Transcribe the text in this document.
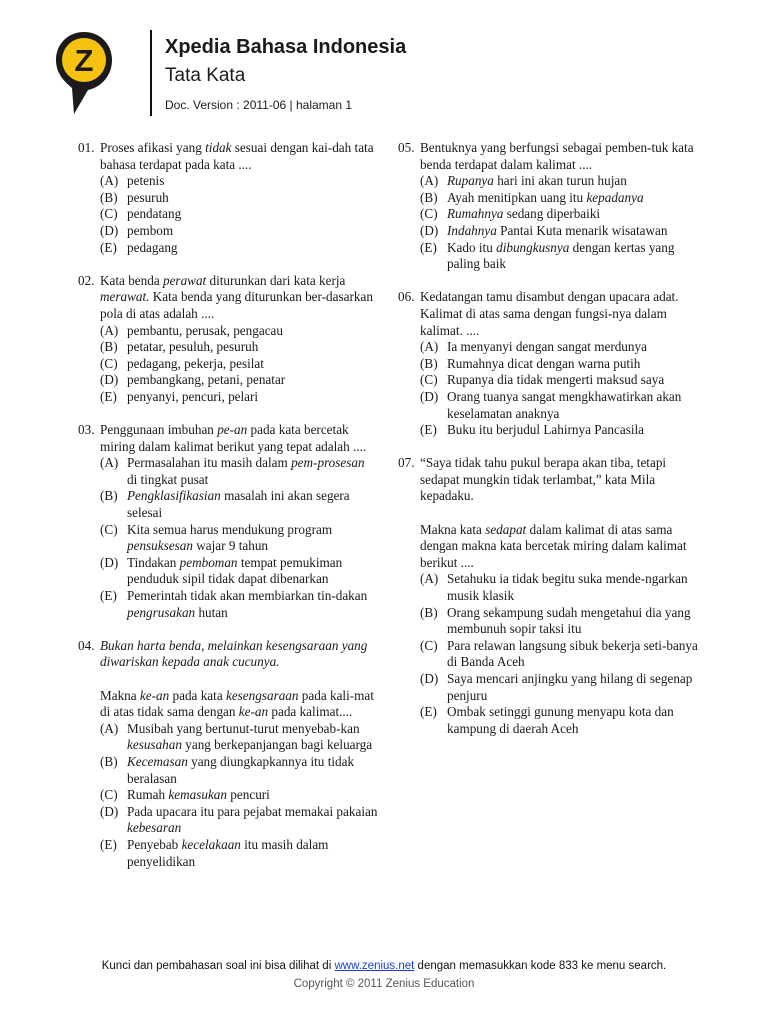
Z	Xpedia Bahasa Indonesia
Tata Kata
Doc. Version : 2011-06 | halaman 1
01. Proses afikasi yang tidak sesuai dengan kai-dah tata bahasa terdapat pada kata ....
(A) petenis
(B) pesuruh
(C) pendatang
(D) pembom
(E) pedagang
02. Kata benda perawat diturunkan dari kata kerja merawat. Kata benda yang diturunkan ber-dasarkan pola di atas adalah ....
(A) pembantu, perusak, pengacau
(B) petatar, pesuluh, pesuruh
(C) pedagang, pekerja, pesilat
(D) pembangkang, petani, penatar
(E) penyanyi, pencuri, pelari
03. Penggunaan imbuhan pe-an pada kata bercetak miring dalam kalimat berikut yang tepat adalah ....
(A) Permasalahan itu masih dalam pem-prosesan di tingkat pusat
(B) Pengklasifikasian masalah ini akan segera selesai
(C) Kita semua harus mendukung program pensuksesan wajar 9 tahun
(D) Tindakan pemboman tempat pemukiman penduduk sipil tidak dapat dibenarkan
(E) Pemerintah tidak akan membiarkan tin-dakan pengrusakan hutan
04. Bukan harta benda, melainkan kesengsaraan yang diwariskan kepada anak cucunya.
Makna ke-an pada kata kesengsaraan pada kali-mat di atas tidak sama dengan ke-an pada kalimat....
(A) Musibah yang bertunut-turut menyebab-kan kesusahan yang berkepanjangan bagi keluarga
(B) Kecemasan yang diungkapkannya itu tidak beralasan
(C) Rumah kemasukan pencuri
(D) Pada upacara itu para pejabat memakai pakaian kebesaran
(E) Penyebab kecelakaan itu masih dalam penyelidikan
05. Bentuknya yang berfungsi sebagai pemben-tuk kata benda terdapat dalam kalimat ....
(A) Rupanya hari ini akan turun hujan
(B) Ayah menitipkan uang itu kepadanya
(C) Rumahnya sedang diperbaiki
(D) Indahnya Pantai Kuta menarik wisatawan
(E) Kado itu dibungkusnya dengan kertas yang paling baik
06. Kedatangan tamu disambut dengan upacara adat. Kalimat di atas sama dengan fungsi-nya dalam kalimat. ....
(A) Ia menyanyi dengan sangat merdunya
(B) Rumahnya dicat dengan warna putih
(C) Rupanya dia tidak mengerti maksud saya
(D) Orang tuanya sangat mengkhawatirkan akan keselamatan anaknya
(E) Buku itu berjudul Lahirnya Pancasila
07. “Saya tidak tahu pukul berapa akan tiba, tetapi sedapat mungkin tidak terlambat,” kata Mila kepadaku.
Makna kata sedapat dalam kalimat di atas sama dengan makna kata bercetak miring dalam kalimat berikut ....
(A) Setahuku ia tidak begitu suka mende-ngarkan musik klasik
(B) Orang sekampung sudah mengetahui dia yang membunuh sopir taksi itu
(C) Para relawan langsung sibuk bekerja seti-banya di Banda Aceh
(D) Saya mencari anjingku yang hilang di segenap penjuru
(E) Ombak setinggi gunung menyapu kota dan kampung di daerah Aceh
Kunci dan pembahasan soal ini bisa dilihat di www.zenius.net dengan memasukkan kode 833 ke menu search.
Copyright © 2011 Zenius Education
